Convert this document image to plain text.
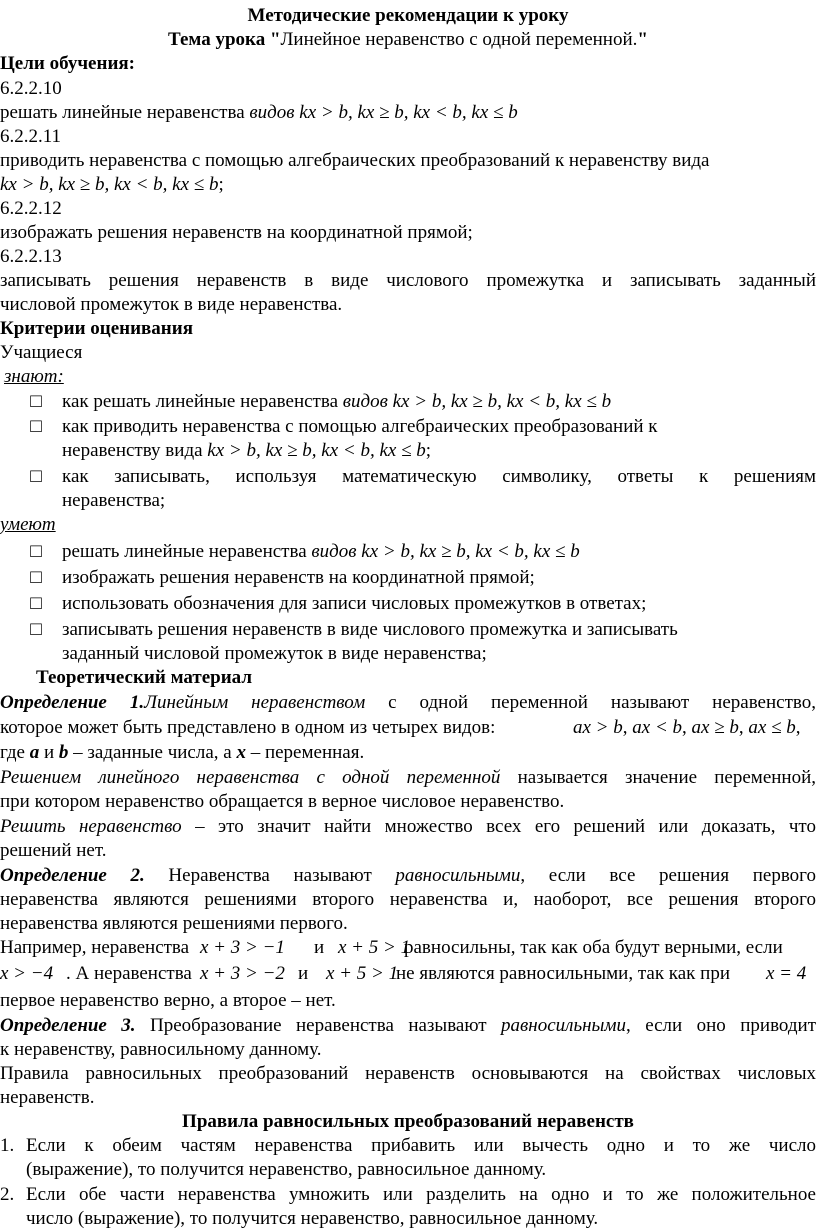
Методические рекомендации к уроку
Тема урока "Линейное неравенство с одной переменной."
Цели обучения:
6.2.2.10
решать линейные неравенства видов kx > b, kx ≥ b, kx < b, kx ≤ b
6.2.2.11
приводить неравенства с помощью алгебраических преобразований к неравенству вида
kx > b, kx ≥ b, kx < b, kx ≤ b;
6.2.2.12
изображать решения неравенств на координатной прямой;
6.2.2.13
записывать решения неравенств в виде числового промежутка и записывать заданный
числовой промежуток в виде неравенства.
Критерии оценивания
Учащиеся
знают:
□ как решать линейные неравенства видов kx > b, kx ≥ b, kx < b, kx ≤ b
□ как приводить неравенства с помощью алгебраических преобразований к
неравенству вида kx > b, kx ≥ b, kx < b, kx ≤ b;
□ как записывать, используя математическую символику, ответы к решениям
неравенства;
умеют
□ решать линейные неравенства видов kx > b, kx ≥ b, kx < b, kx ≤ b
□ изображать решения неравенств на координатной прямой;
□ использовать обозначения для записи числовых промежутков в ответах;
□ записывать решения неравенств в виде числового промежутка и записывать
заданный числовой промежуток в виде неравенства;
Теоретический материал
Определение 1.Линейным неравенством с одной переменной называют неравенство,
которое может быть представлено в одном из четырех видов:	ax > b, ax < b, ax ≥ b, ax ≤ b,
где a и b – заданные числа, а x – переменная.
Решением линейного неравенства с одной переменной называется значение переменной,
при котором неравенство обращается в верное числовое неравенство.
Решить неравенство – это значит найти множество всех его решений или доказать, что
решений нет.
Определение 2. Неравенства называют равносильными, если все решения первого
неравенства являются решениями второго неравенства и, наоборот, все решения второго
неравенства являются решениями первого.
Например, неравенства x + 3 > −1 и x + 5 > 1
равносильны, так как оба будут верными, если
x > −4 . А неравенства x + 3 > −2 и x + 5 > 1
не являются равносильными, так как при x = 4
первое неравенство верно, а второе – нет.
Определение 3. Преобразование неравенства называют равносильными, если оно приводит
к неравенству, равносильному данному.
Правила равносильных преобразований неравенств основываются на свойствах числовых
неравенств.
Правила равносильных преобразований неравенств
1. Если к обеим частям неравенства прибавить или вычесть одно и то же число
(выражение), то получится неравенство, равносильное данному.
2. Если обе части неравенства умножить или разделить на одно и то же положительное
число (выражение), то получится неравенство, равносильное данному.
